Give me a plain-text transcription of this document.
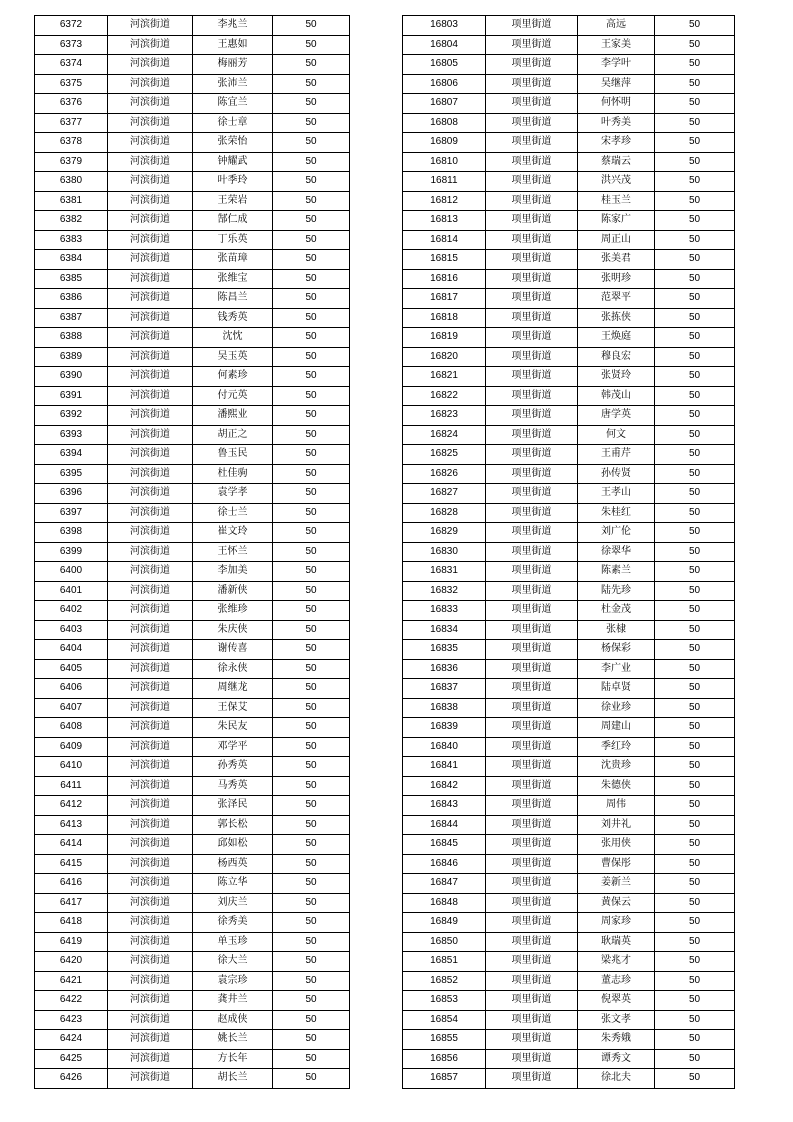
6372	河滨街道	李兆兰	50
6373	河滨街道	王惠如	50
6374	河滨街道	梅丽芳	50
6375	河滨街道	张沛兰	50
6376	河滨街道	陈宜兰	50
6377	河滨街道	徐士章	50
6378	河滨街道	张荣怡	50
6379	河滨街道	钟耀武	50
6380	河滨街道	叶季玲	50
6381	河滨街道	王荣岩	50
6382	河滨街道	郜仁成	50
6383	河滨街道	丁乐英	50
6384	河滨街道	张苗璋	50
6385	河滨街道	张维宝	50
6386	河滨街道	陈昌兰	50
6387	河滨街道	钱秀英	50
6388	河滨街道	沈忱	50
6389	河滨街道	吴玉英	50
6390	河滨街道	何素珍	50
6391	河滨街道	付元英	50
6392	河滨街道	潘熙业	50
6393	河滨街道	胡正之	50
6394	河滨街道	鲁玉民	50
6395	河滨街道	杜佳驹	50
6396	河滨街道	袁学孝	50
6397	河滨街道	徐士兰	50
6398	河滨街道	崔文玲	50
6399	河滨街道	王怀兰	50
6400	河滨街道	李加美	50
6401	河滨街道	潘新侠	50
6402	河滨街道	张维珍	50
6403	河滨街道	朱庆侠	50
6404	河滨街道	谢传喜	50
6405	河滨街道	徐永侠	50
6406	河滨街道	周继龙	50
6407	河滨街道	王保艾	50
6408	河滨街道	朱民友	50
6409	河滨街道	邓学平	50
6410	河滨街道	孙秀英	50
6411	河滨街道	马秀英	50
6412	河滨街道	张泽民	50
6413	河滨街道	郭长松	50
6414	河滨街道	邱如松	50
6415	河滨街道	杨西英	50
6416	河滨街道	陈立华	50
6417	河滨街道	刘庆兰	50
6418	河滨街道	徐秀美	50
6419	河滨街道	单玉珍	50
6420	河滨街道	徐大兰	50
6421	河滨街道	袁宗珍	50
6422	河滨街道	龚井兰	50
6423	河滨街道	赵成侠	50
6424	河滨街道	姚长兰	50
6425	河滨街道	方长年	50
6426	河滨街道	胡长兰	50
16803	项里街道	高远	50
16804	项里街道	王家美	50
16805	项里街道	李学叶	50
16806	项里街道	吴继萍	50
16807	项里街道	何怀明	50
16808	项里街道	叶秀美	50
16809	项里街道	宋孝珍	50
16810	项里街道	蔡瑞云	50
16811	项里街道	洪兴茂	50
16812	项里街道	桂玉兰	50
16813	项里街道	陈家广	50
16814	项里街道	周正山	50
16815	项里街道	张美君	50
16816	项里街道	张明珍	50
16817	项里街道	范翠平	50
16818	项里街道	张拣侠	50
16819	项里街道	王焕庭	50
16820	项里街道	穆良宏	50
16821	项里街道	张贤玲	50
16822	项里街道	韩茂山	50
16823	项里街道	唐学英	50
16824	项里街道	何文	50
16825	项里街道	王甫芹	50
16826	项里街道	孙传贤	50
16827	项里街道	王孝山	50
16828	项里街道	朱桂红	50
16829	项里街道	刘广伦	50
16830	项里街道	徐翠华	50
16831	项里街道	陈素兰	50
16832	项里街道	陆先珍	50
16833	项里街道	杜金茂	50
16834	项里街道	张棣	50
16835	项里街道	杨保彩	50
16836	项里街道	李广业	50
16837	项里街道	陆卓贤	50
16838	项里街道	徐业珍	50
16839	项里街道	周建山	50
16840	项里街道	季红玲	50
16841	项里街道	沈贵珍	50
16842	项里街道	朱德侠	50
16843	项里街道	周伟	50
16844	项里街道	刘井礼	50
16845	项里街道	张用侠	50
16846	项里街道	曹保彤	50
16847	项里街道	姜新兰	50
16848	项里街道	黄保云	50
16849	项里街道	周家珍	50
16850	项里街道	耿瑞英	50
16851	项里街道	梁兆才	50
16852	项里街道	董志珍	50
16853	项里街道	倪翠英	50
16854	项里街道	张文孝	50
16855	项里街道	朱秀娥	50
16856	项里街道	谭秀文	50
16857	项里街道	徐北夫	50
